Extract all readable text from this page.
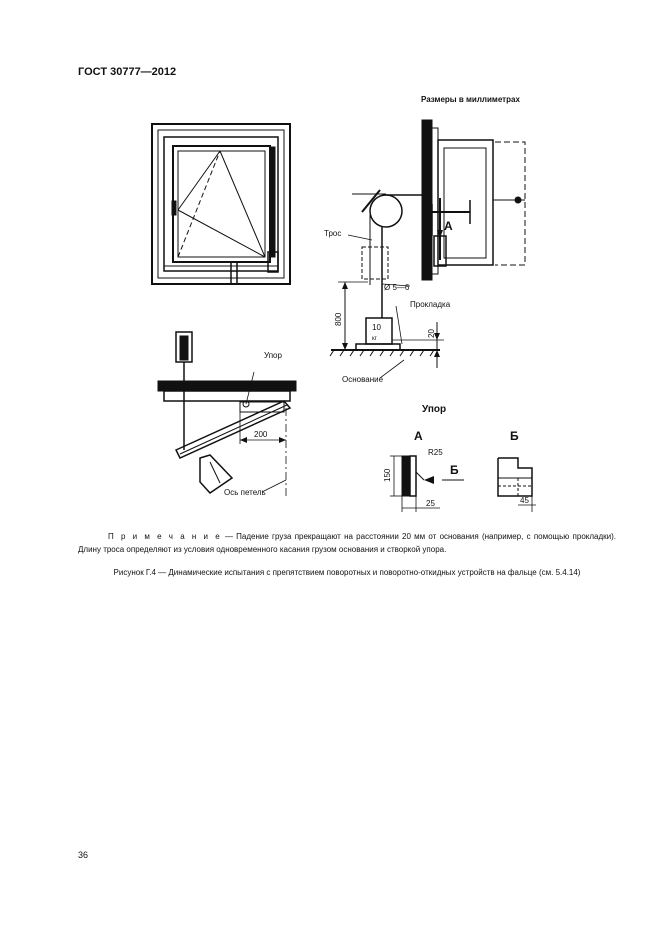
ГОСТ 30777—2012
Размеры в миллиметрах
Трос
Ø 5—6
Прокладка
Основание
10
кг
А
800
20
Упор
200
Ось петель
А	Б
R25
150
25
Б
45
Упор
П р и м е ч а н и е — Падение груза прекращают на расстоянии 20 мм от основания (например, с помощью прокладки). Длину троса определяют из условия одновременного касания грузом основания и створкой упора.
Рисунок Г.4 — Динамические испытания с препятствием поворотных и поворотно-откидных устройств на фальце (см. 5.4.14)
36
